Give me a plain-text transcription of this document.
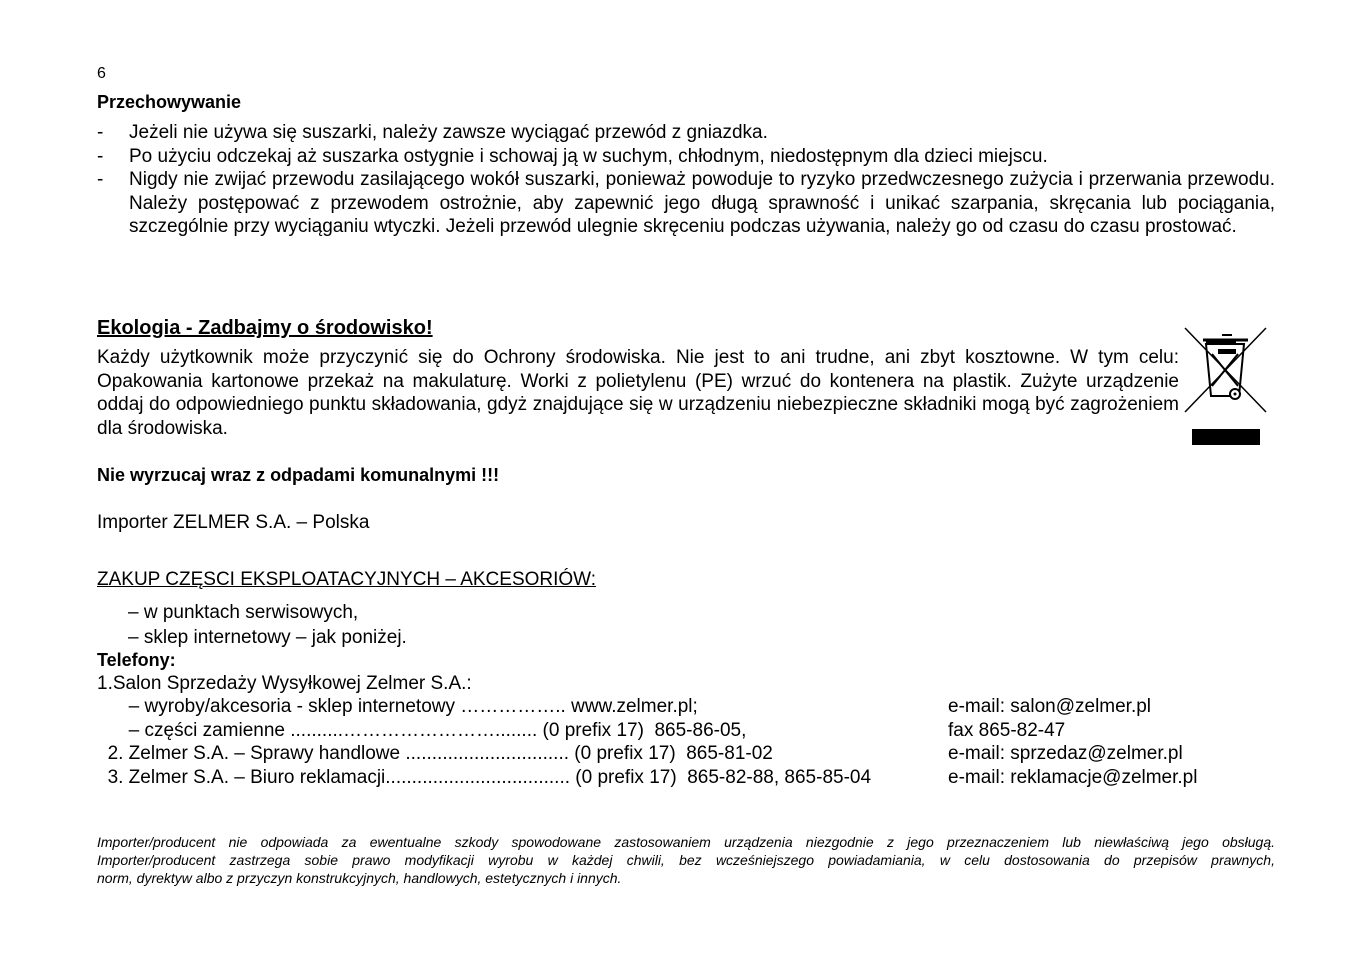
6
Przechowywanie
- Jeżeli nie używa się suszarki, należy zawsze wyciągać przewód z gniazdka.
- Po użyciu odczekaj aż suszarka ostygnie i schowaj ją w suchym, chłodnym, niedostępnym dla dzieci miejscu.
- Nigdy nie zwijać przewodu zasilającego wokół suszarki, ponieważ powoduje to ryzyko przedwczesnego zużycia i przerwania przewodu. Należy postępować z przewodem ostrożnie, aby zapewnić jego długą sprawność i unikać szarpania, skręcania lub pociągania, szczególnie przy wyciąganiu wtyczki. Jeżeli przewód ulegnie skręceniu podczas używania, należy go od czasu do czasu prostować.
Ekologia - Zadbajmy o środowisko!
Każdy użytkownik może przyczynić się do Ochrony środowiska. Nie jest to ani trudne, ani zbyt kosztowne. W tym celu: Opakowania kartonowe przekaż na makulaturę. Worki z polietylenu (PE) wrzuć do kontenera na plastik. Zużyte urządzenie oddaj do odpowiedniego punktu składowania, gdyż znajdujące się w urządzeniu niebezpieczne składniki mogą być zagrożeniem dla środowiska.
Nie wyrzucaj wraz z odpadami komunalnymi !!!
Importer ZELMER S.A. – Polska
ZAKUP CZĘSCI EKSPLOATACYJNYCH – AKCESORIÓW:
– w punktach serwisowych,
– sklep internetowy – jak poniżej.
Telefony:
1.Salon Sprzedaży Wysyłkowej Zelmer S.A.:

– wyroby/akcesoria - sklep internetowy …………….. www.zelmer.pl;

	e-mail: salon@zelmer.pl

– części zamienne ..........……………………........ (0 prefix 17)  865-86-05,

	fax 865-82-47

2. Zelmer S.A. – Sprawy handlowe ............................... (0 prefix 17)  865-81-02

	e-mail: sprzedaz@zelmer.pl

3. Zelmer S.A. – Biuro reklamacji................................... (0 prefix 17)  865-82-88, 865-85-04

	e-mail: reklamacje@zelmer.pl

Importer/producent nie odpowiada za ewentualne szkody spowodowane zastosowaniem urządzenia niezgodnie z jego przeznaczeniem lub niewłaściwą jego obsługą.
Importer/producent zastrzega sobie prawo modyfikacji wyrobu w każdej chwili, bez wcześniejszego powiadamiania, w celu dostosowania do przepisów prawnych,
norm, dyrektyw albo z przyczyn konstrukcyjnych, handlowych, estetycznych i innych.
